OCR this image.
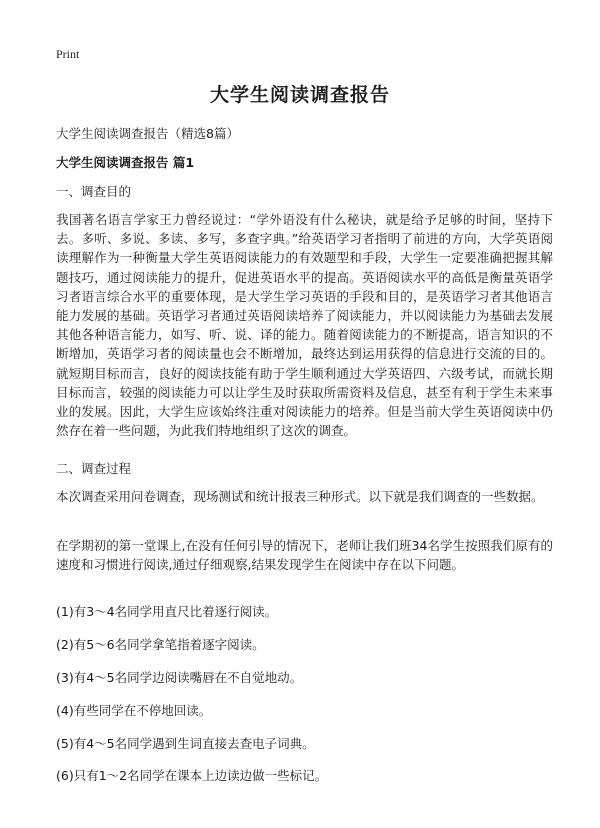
Print
大学生阅读调查报告
大学生阅读调查报告（精选8篇）
大学生阅读调查报告 篇1
一、调查目的

我国著名语言学家王力曾经说过：“学外语没有什么秘诀，就是给予足够的时间，坚持下去。多听、多说、多读、多写，多查字典。”给英语学习者指明了前进的方向，大学英语阅读理解作为一种衡量大学生英语阅读能力的有效题型和手段，大学生一定要准确把握其解题技巧，通过阅读能力的提升，促进英语水平的提高。英语阅读水平的高低是衡量英语学习者语言综合水平的重要体现，是大学生学习英语的手段和目的，是英语学习者其他语言能力发展的基础。英语学习者通过英语阅读培养了阅读能力，并以阅读能力为基础去发展其他各种语言能力，如写、听、说、译的能力。随着阅读能力的不断提高，语言知识的不断增加，英语学习者的阅读量也会不断增加，最终达到运用获得的信息进行交流的目的。就短期目标而言，良好的阅读技能有助于学生顺利通过大学英语四、六级考试，而就长期目标而言，较强的阅读能力可以让学生及时获取所需资料及信息，甚至有利于学生未来事业的发展。因此，大学生应该始终注重对阅读能力的培养。但是当前大学生英语阅读中仍然存在着一些问题，为此我们特地组织了这次的调查。

二、调查过程

本次调查采用问卷调查，现场测试和统计报表三种形式。以下就是我们调查的一些数据。

在学期初的第一堂课上,在没有任何引导的情况下，老师让我们班34名学生按照我们原有的速度和习惯进行阅读,通过仔细观察,结果发现学生在阅读中存在以下问题。

(1)有3～4名同学用直尺比着逐行阅读。
(2)有5～6名同学拿笔指着逐字阅读。
(3)有4～5名同学边阅读嘴唇在不自觉地动。
(4)有些同学在不停地回读。
(5)有4～5名同学遇到生词直接去查电子词典。
(6)只有1～2名同学在课本上边读边做一些标记。
